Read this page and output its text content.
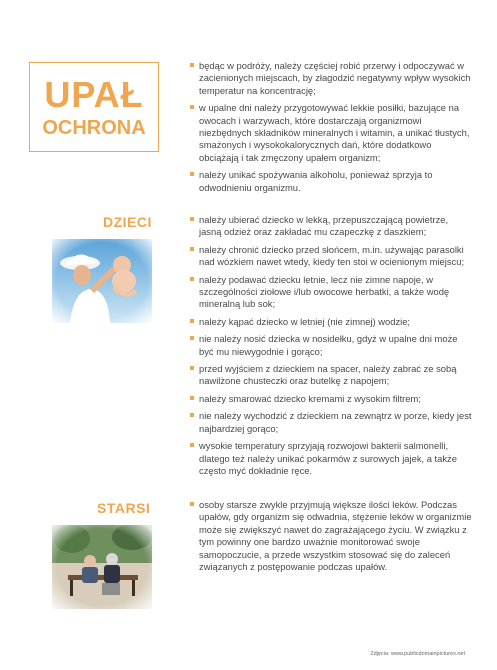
UPAŁ
OCHRONA
będąc w podróży, należy częściej robić przerwy i odpoczywać w zacienionych miejscach, by złagodzić negatywny wpływ wysokich temperatur na koncentrację;
w upalne dni należy przygotowywać lekkie posiłki, bazujące na owocach i warzywach, które dostarczają organizmowi niezbędnych składników mineralnych i witamin, a unikać tłustych, smażonych i wysokokalorycznych dań, które dodatkowo obciążają i tak zmęczony upałem organizm;
należy unikać spożywania alkoholu, ponieważ sprzyja to odwodnieniu organizmu.
DZIECI	należy ubierać dziecko w lekką, przepuszczającą powietrze, jasną odzież oraz zakładać mu czapeczkę z daszkiem;
należy chronić dziecko przed słońcem, m.in. używając parasolki nad wózkiem nawet wtedy, kiedy ten stoi w ocienionym miejscu;
należy podawać dziecku letnie, lecz nie zimne napoje, w szczególności ziołowe i/lub owocowe herbatki, a także wodę mineralną lub sok;
należy kąpać dziecko w letniej (nie zimnej) wodzie;
nie należy nosić dziecka w nosidełku, gdyż w upalne dni może być mu niewygodnie i gorąco;
przed wyjściem z dzieckiem na spacer, należy zabrać ze sobą nawilżone chusteczki oraz butelkę z napojem;
należy smarować dziecko kremami z wysokim filtrem;
nie należy wychodzić z dzieckiem na zewnątrz w porze, kiedy jest najbardziej gorąco;
wysokie temperatury sprzyjają rozwojowi bakterii salmonelli, dlatego też należy unikać pokarmów z surowych jajek, a także często myć dokładnie ręce.
STARSI	osoby starsze zwykle przyjmują większe ilości leków. Podczas upałów, gdy organizm się odwadnia, stężenie leków w organizmie może się zwiększyć nawet do zagrażającego życiu. W związku z tym powinny one bardzo uważnie monitorować swoje samopoczucie, a przede wszystkim stosować się do zaleceń związanych z postępowanie podczas upałów.
Zdjęcia: www.publicdomainpictures.net
